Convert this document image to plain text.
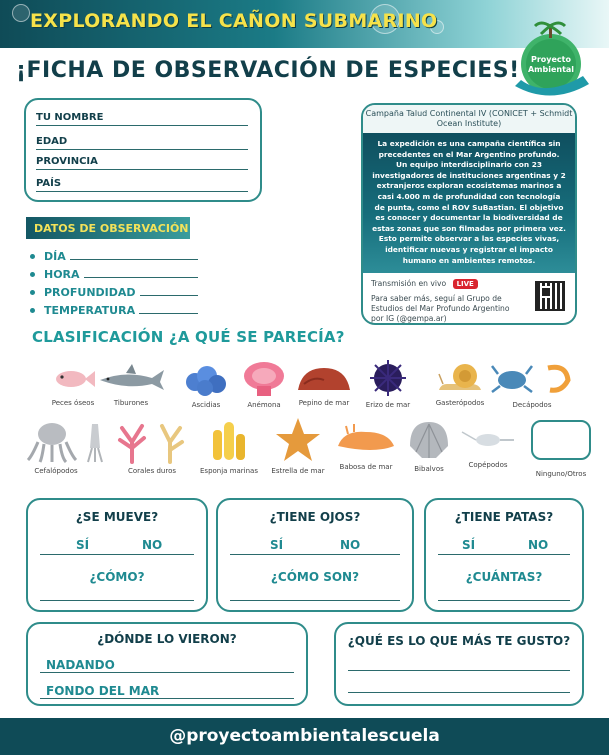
EXPLORANDO EL CAÑON SUBMARINO
Proyecto
Ambiental
¡FICHA DE OBSERVACIÓN DE ESPECIES!
TU NOMBRE
EDAD
PROVINCIA
PAÍS
DATOS DE OBSERVACIÓN
DÍA
HORA
PROFUNDIDAD
TEMPERATURA
Campaña Talud Continental IV (CONICET + Schmidt Ocean Institute)
La expedición es una campaña científica sin precedentes en el Mar Argentino profundo. Un equipo interdisciplinario con 23 investigadores de instituciones argentinas y 2 extranjeros exploran ecosistemas marinos a casi 4.000 m de profundidad con tecnología de punta, como el ROV SuBastian. El objetivo es conocer y documentar la biodiversidad de estas zonas que son filmadas por primera vez. Esto permite observar a las especies vivas, identificar nuevas y registrar el impacto humano en ambientes remotos.
Transmisión en vivo LIVE
Para saber más, seguí al Grupo de Estudios del Mar Profundo Argentino por IG (@gempa.ar)
CLASIFICACIÓN ¿A QUÉ SE PARECÍA?
Peces óseos	Tiburones	Ascidias	Anémona	Pepino de mar	Erizo de mar	Gasterópodos	Decápodos
Cefalópodos	Corales duros	Esponja marinas	Estrella de mar	Babosa de mar	Bibalvos	Copépodos
Ninguno/Otros
¿SE MUEVE?
SÍ	NO
¿CÓMO?
¿TIENE OJOS?
SÍ	NO
¿CÓMO SON?
¿TIENE PATAS?
SÍ	NO
¿CUÁNTAS?
¿DÓNDE LO VIERON?
NADANDO
FONDO DEL MAR
¿QUÉ ES LO QUE MÁS TE GUSTO?
@proyectoambientalescuela
